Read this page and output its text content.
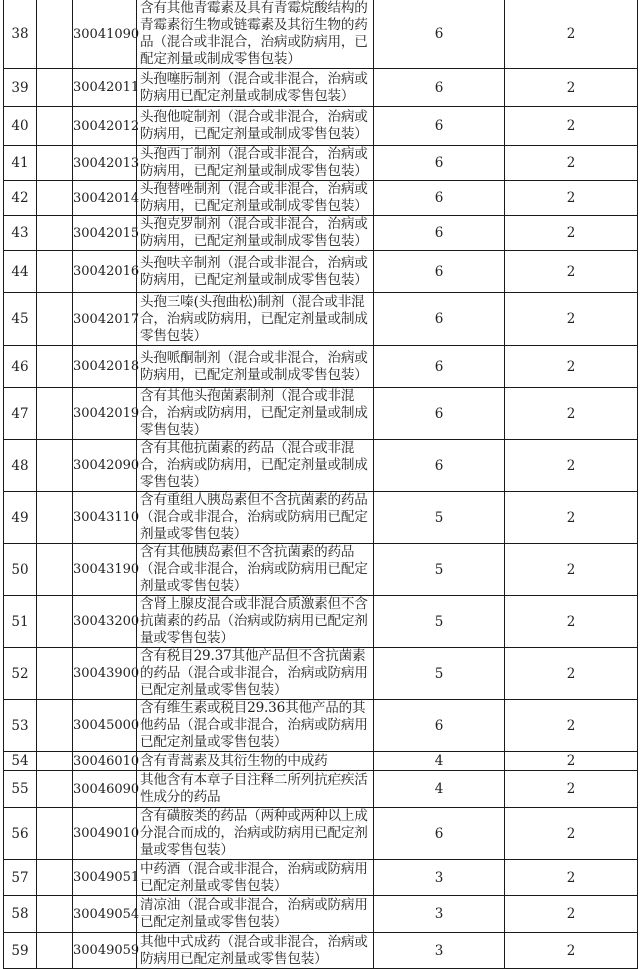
38		30041090	含有其他青霉素及具有青霉烷酸结构的青霉素衍生物或链霉素及其衍生物的药品（混合或非混合，治病或防病用，已配定剂量或制成零售包装）	6	2
39		30042011	头孢噻肟制剂（混合或非混合，治病或防病用已配定剂量或制成零售包装）	6	2
40		30042012	头孢他啶制剂（混合或非混合，治病或防病用，已配定剂量或制成零售包装）	6	2
41		30042013	头孢西丁制剂（混合或非混合，治病或防病用，已配定剂量或制成零售包装）	6	2
42		30042014	头孢替唑制剂（混合或非混合，治病或防病用，已配定剂量或制成零售包装）	6	2
43		30042015	头孢克罗制剂（混合或非混合，治病或防病用，已配定剂量或制成零售包装）	6	2
44		30042016	头孢呋辛制剂（混合或非混合，治病或防病用，已配定剂量或制成零售包装）	6	2
45		30042017	头孢三嗪(头孢曲松)制剂（混合或非混合，治病或防病用，已配定剂量或制成零售包装）	6	2
46		30042018	头孢哌酮制剂（混合或非混合，治病或防病用，已配定剂量或制成零售包装）	6	2
47		30042019	含有其他头孢菌素制剂（混合或非混合，治病或防病用，已配定剂量或制成零售包装）	6	2
48		30042090	含有其他抗菌素的药品（混合或非混合，治病或防病用，已配定剂量或制成零售包装）	6	2
49		30043110	含有重组人胰岛素但不含抗菌素的药品（混合或非混合，治病或防病用已配定剂量或零售包装）	5	2
50		30043190	含有其他胰岛素但不含抗菌素的药品（混合或非混合，治病或防病用已配定剂量或零售包装）	5	2
51		30043200	含肾上腺皮混合或非混合质激素但不含抗菌素的药品（治病或防病用已配定剂量或零售包装）	5	2
52		30043900	含有税目29.37其他产品但不含抗菌素的药品（混合或非混合，治病或防病用已配定剂量或零售包装）	5	2
53		30045000	含有维生素或税目29.36其他产品的其他药品（混合或非混合，治病或防病用已配定剂量或零售包装）	6	2
54		30046010	含有青蒿素及其衍生物的中成药	4	2
55		30046090	其他含有本章子目注释二所列抗疟疾活性成分的药品	4	2
56		30049010	含有磺胺类的药品（两种或两种以上成分混合而成的，治病或防病用已配定剂量或零售包装）	6	2
57		30049051	中药酒（混合或非混合，治病或防病用已配定剂量或零售包装）	3	2
58		30049054	清凉油（混合或非混合，治病或防病用已配定剂量或零售包装）	3	2
59		30049059	其他中式成药（混合或非混合，治病或防病用已配定剂量或零售包装）	3	2
